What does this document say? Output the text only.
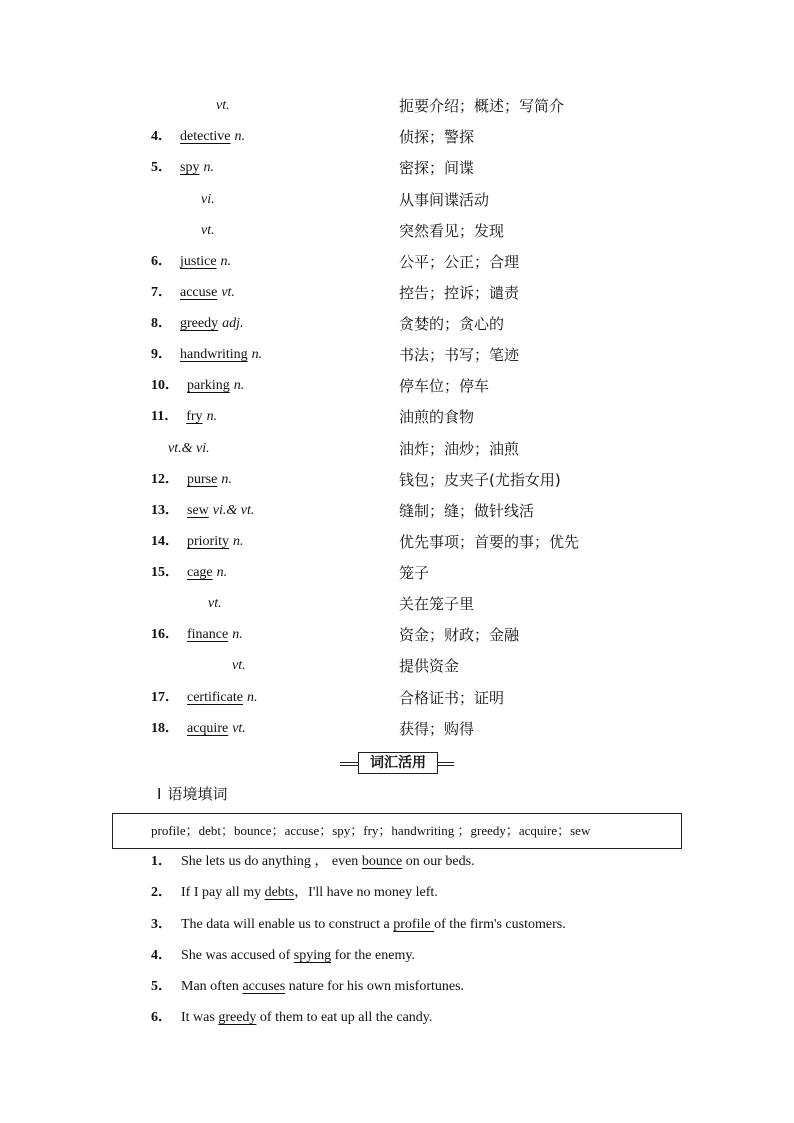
vt.	扼要介绍；概述；写简介
4． detective n.	侦探；警探
5． spy n.	密探；间谍
vi.	从事间谍活动
vt.	突然看见；发现
6． justice n.	公平；公正；合理
7． accuse vt.	控告；控诉；谴责
8． greedy adj.	贪婪的；贪心的
9． handwriting n.	书法；书写；笔迹
10． parking n.	停车位；停车
11． fry n.	油煎的食物
vt.& vi.	油炸；油炒；油煎
12． purse n.	钱包；皮夹子(尤指女用)
13． sew vi.& vt.	缝制；缝；做针线活
14． priority n.	优先事项；首要的事；优先
15． cage n.	笼子
vt.	关在笼子里
16． finance n.	资金；财政；金融
vt.	提供资金
17． certificate n.	合格证书；证明
18． acquire vt.	获得；购得
词汇活用
Ⅰ 语境填词
profile；debt；bounce；accuse；spy；fry；handwriting ；greedy；acquire；sew
1． She lets us do anything ， even bounce on our beds.
2． If I pay all my debts，I'll have no money left.
3． The data will enable us to construct a profile of the firm's customers.
4． She was accused of spying for the enemy.
5． Man often accuses nature for his own misfortunes.
6． It was greedy of them to eat up all the candy.
